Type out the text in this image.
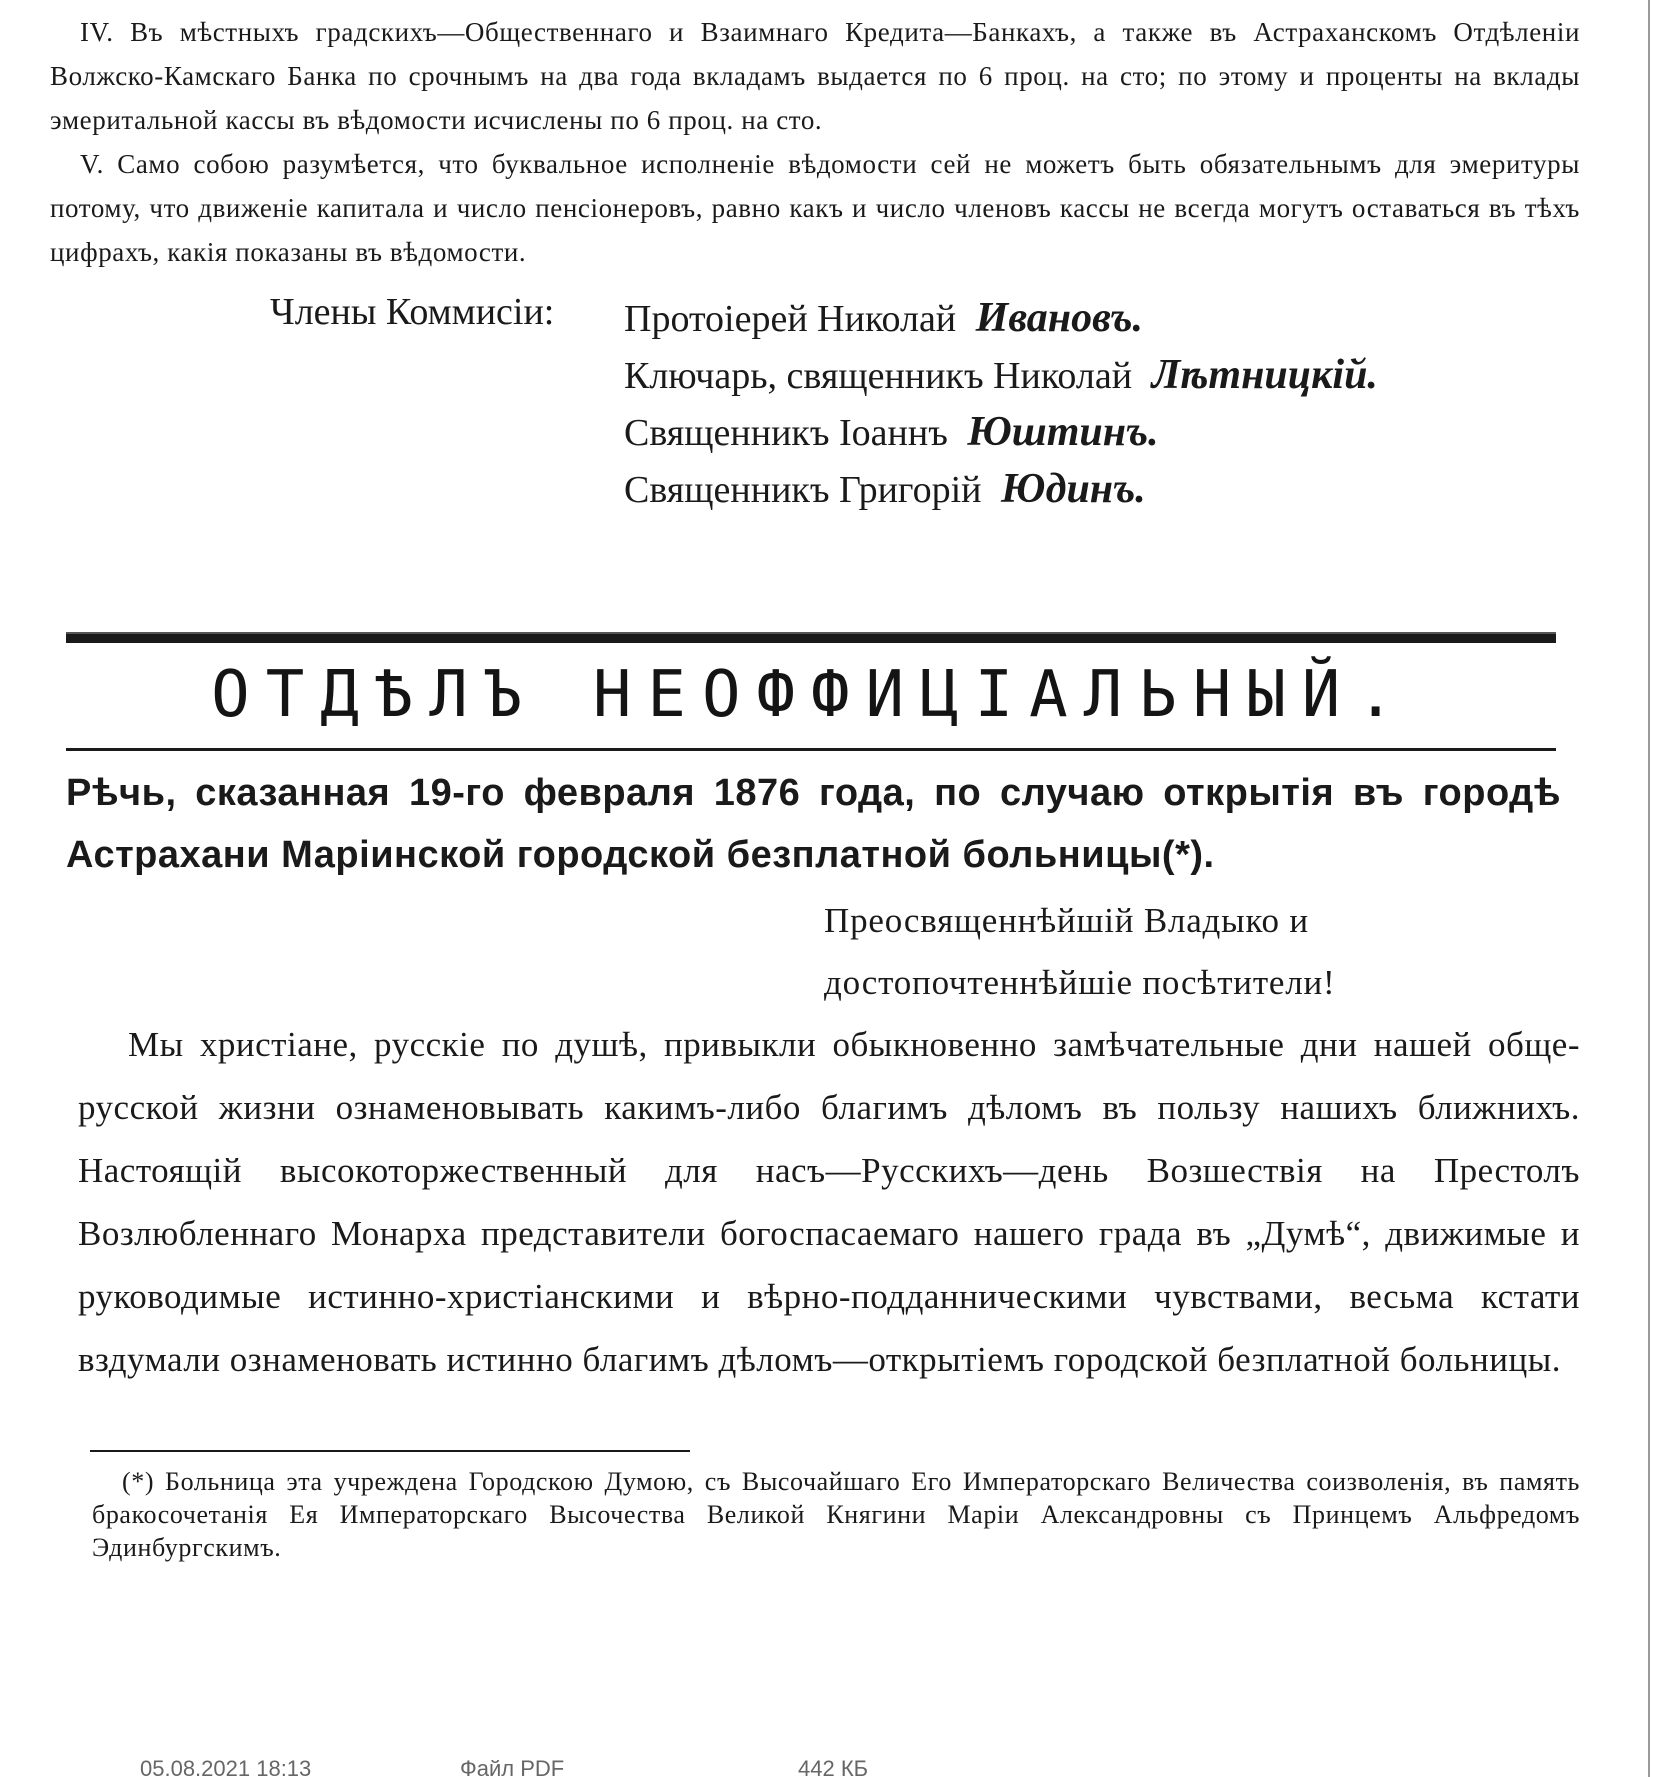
IV. Въ мѣстныхъ градскихъ—Общественнаго и Взаимнаго Кредита—Банкахъ, а также въ Астраханскомъ Отдѣленіи Волжско-Камскаго Банка по срочнымъ на два года вкладамъ выдается по 6 проц. на сто; по этому и проценты на вклады эмеритальной кассы въ вѣдомости исчислены по 6 проц. на сто.

V. Само собою разумѣется, что буквальное исполненіе вѣдомости сей не можетъ быть обязательнымъ для эмеритуры потому, что движеніе капитала и число пенсіонеровъ, равно какъ и число членовъ кассы не всегда могутъ оставаться въ тѣхъ цифрахъ, какія показаны въ вѣдомости.

Члены Коммисіи: Протоіерей Николай Ивановъ.
Ключарь, священникъ Николай Лѣтницкій.
Священникъ Іоаннъ Юштинъ.
Священникъ Григорій Юдинъ.
ОТДѢЛЪ НЕОФФИЦІАЛЬНЫЙ.
Рѣчь, сказанная 19-го февраля 1876 года, по случаю открытія въ городѣ Астрахани Маріинской городской безплатной больницы(*).
Преосвященнѣйшій Владыко и
достопочтеннѣйшіе посѣтители!

Мы христіане, русскіе по душѣ, привыкли обыкновенно замѣчательные дни нашей обще-русской жизни ознаменовывать какимъ-либо благимъ дѣломъ въ пользу нашихъ ближнихъ. Настоящій высокоторжественный для насъ—Русскихъ—день Возшествія на Престолъ Возлюбленнаго Монарха представители богоспасаемаго нашего града въ „Думѣ“, движимые и руководимые истинно-христіанскими и вѣрно-подданническими чувствами, весьма кстати вздумали ознаменовать истинно благимъ дѣломъ—открытіемъ городской безплатной больницы.

(*) Больница эта учреждена Городскою Думою, съ Высочайшаго Его Императорскаго Величества соизволенія, въ память бракосочетанія Ея Императорскаго Высочества Великой Княгини Маріи Александровны съ Принцемъ Альфредомъ Эдинбургскимъ.

05.08.2021 18:13	Файл PDF	442 КБ
